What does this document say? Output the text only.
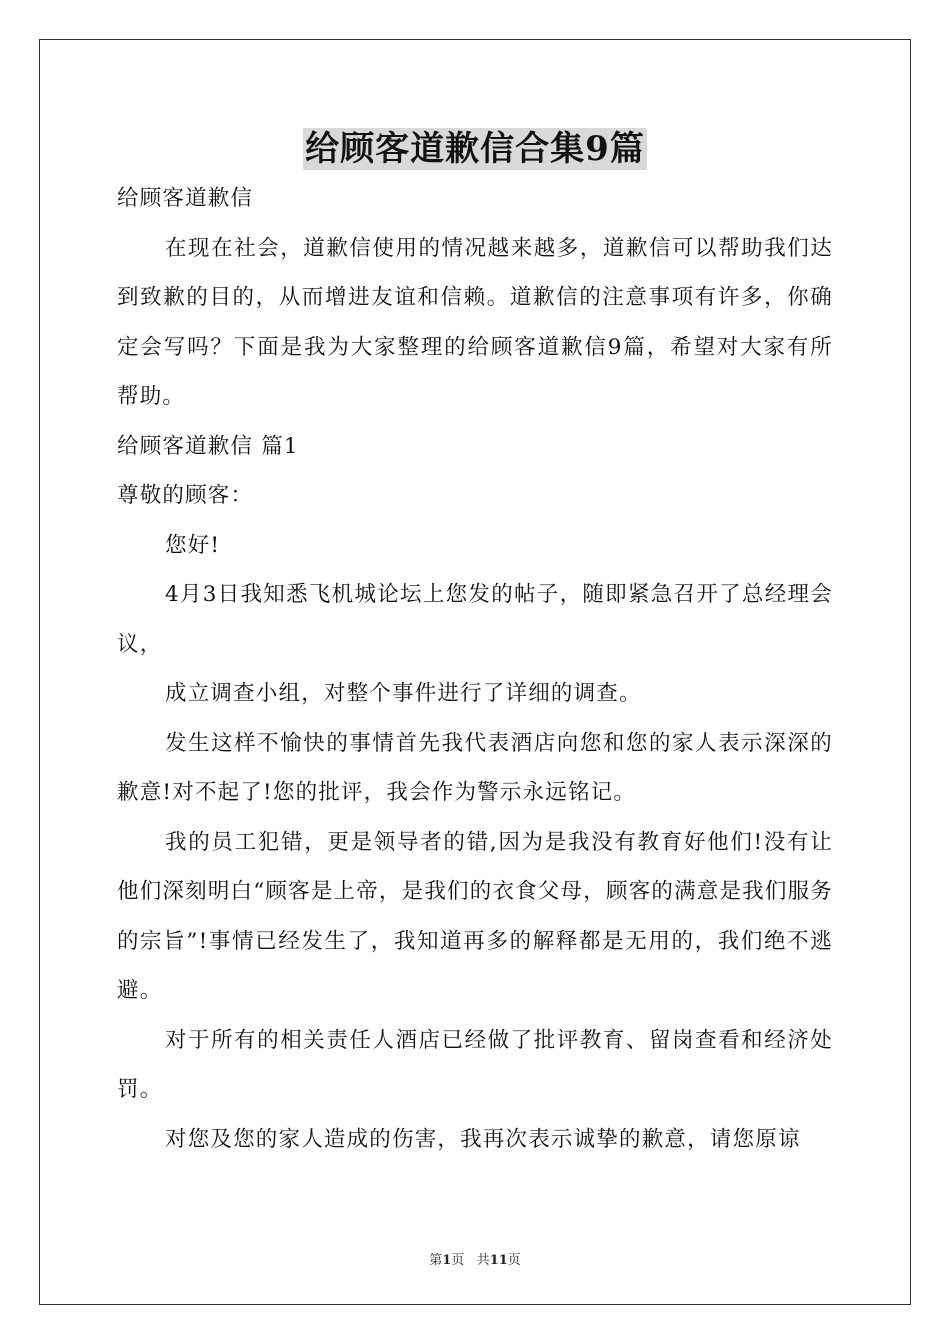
给顾客道歉信合集9篇

给顾客道歉信

在现在社会，道歉信使用的情况越来越多，道歉信可以帮助我们达到致歉的目的，从而增进友谊和信赖。道歉信的注意事项有许多，你确定会写吗？下面是我为大家整理的给顾客道歉信9篇，希望对大家有所帮助。

给顾客道歉信 篇1

尊敬的顾客：

您好!

4月3日我知悉飞机城论坛上您发的帖子，随即紧急召开了总经理会议，

成立调查小组，对整个事件进行了详细的调查。

发生这样不愉快的事情首先我代表酒店向您和您的家人表示深深的歉意!对不起了!您的批评，我会作为警示永远铭记。

我的员工犯错，更是领导者的错,因为是我没有教育好他们!没有让他们深刻明白“顾客是上帝，是我们的衣食父母，顾客的满意是我们服务的宗旨”!事情已经发生了，我知道再多的解释都是无用的，我们绝不逃避。

对于所有的相关责任人酒店已经做了批评教育、留岗查看和经济处罚。

对您及您的家人造成的伤害，我再次表示诚挚的歉意，请您原谅

第1页 共11页
